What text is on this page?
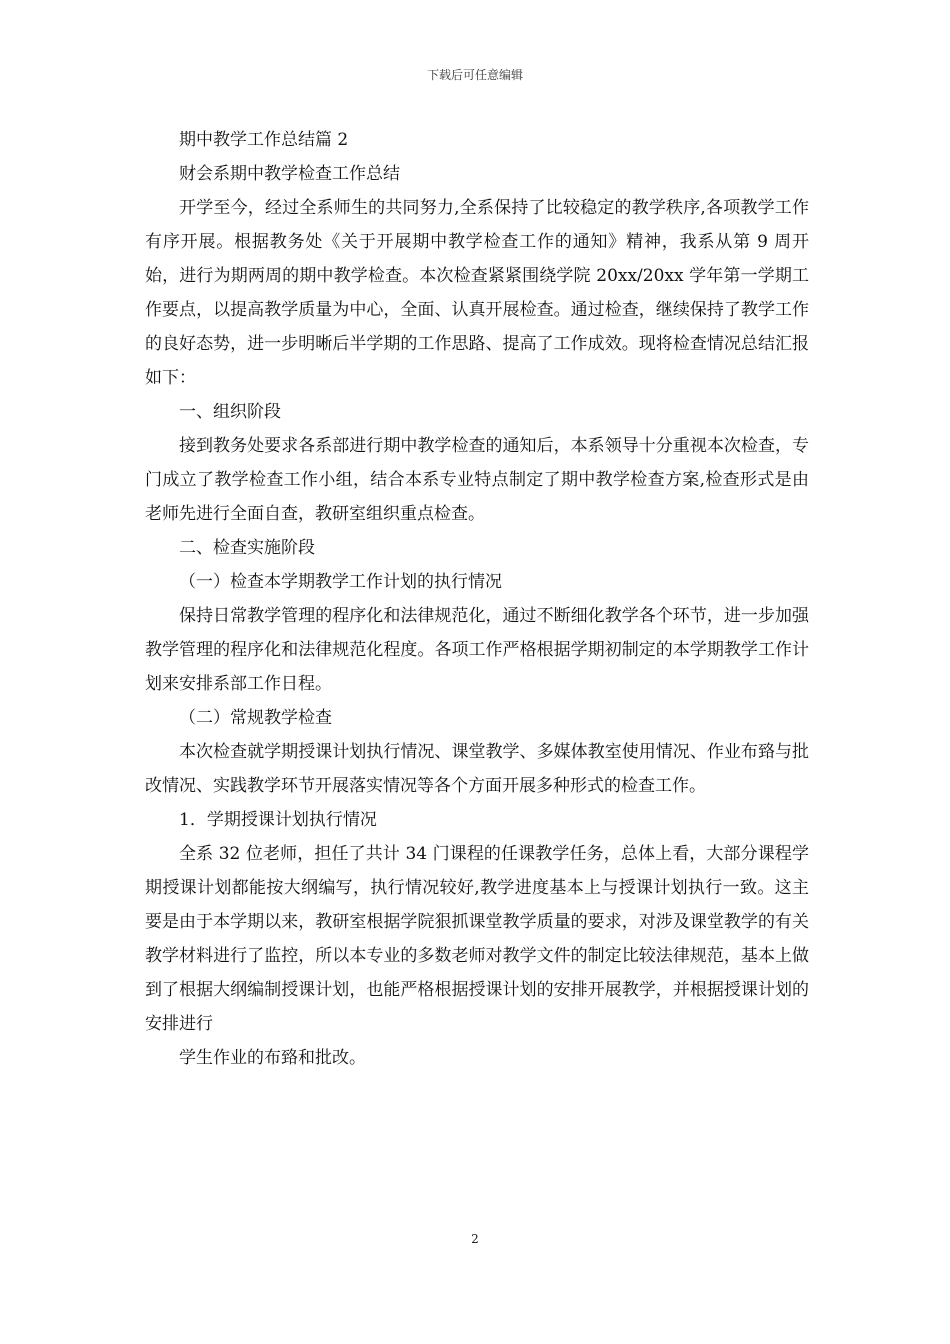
下载后可任意编辑

期中教学工作总结篇 2

财会系期中教学检查工作总结

开学至今，经过全系师生的共同努力,全系保持了比较稳定的教学秩序,各项教学工作有序开展。根据教务处《关于开展期中教学检查工作的通知》精神，我系从第 9 周开始，进行为期两周的期中教学检查。本次检查紧紧围绕学院 20xx/20xx 学年第一学期工作要点，以提高教学质量为中心，全面、认真开展检查。通过检查，继续保持了教学工作的良好态势，进一步明晰后半学期的工作思路、提高了工作成效。现将检查情况总结汇报如下：

一、组织阶段

接到教务处要求各系部进行期中教学检查的通知后，本系领导十分重视本次检查，专门成立了教学检查工作小组，结合本系专业特点制定了期中教学检查方案,检查形式是由老师先进行全面自查，教研室组织重点检查。

二、检查实施阶段

（一）检查本学期教学工作计划的执行情况

保持日常教学管理的程序化和法律规范化，通过不断细化教学各个环节，进一步加强教学管理的程序化和法律规范化程度。各项工作严格根据学期初制定的本学期教学工作计划来安排系部工作日程。

（二）常规教学检查

本次检查就学期授课计划执行情况、课堂教学、多媒体教室使用情况、作业布臵与批改情况、实践教学环节开展落实情况等各个方面开展多种形式的检查工作。

1．学期授课计划执行情况

全系 32 位老师，担任了共计 34 门课程的任课教学任务，总体上看，大部分课程学期授课计划都能按大纲编写，执行情况较好,教学进度基本上与授课计划执行一致。这主要是由于本学期以来，教研室根据学院狠抓课堂教学质量的要求，对涉及课堂教学的有关教学材料进行了监控，所以本专业的多数老师对教学文件的制定比较法律规范，基本上做到了根据大纲编制授课计划，也能严格根据授课计划的安排开展教学，并根据授课计划的安排进行

学生作业的布臵和批改。

2
